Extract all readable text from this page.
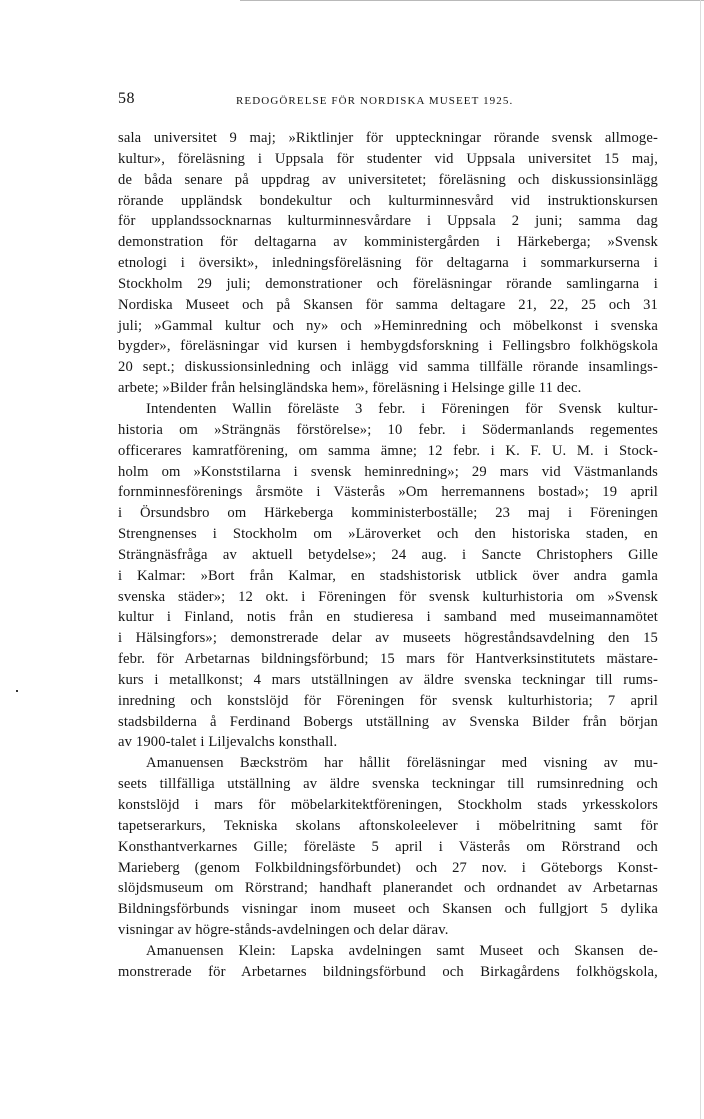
58	REDOGÖRELSE FÖR NORDISKA MUSEET 1925.
sala universitet 9 maj; »Riktlinjer för uppteckningar rörande svensk allmoge-
kultur», föreläsning i Uppsala för studenter vid Uppsala universitet 15 maj,
de båda senare på uppdrag av universitetet; föreläsning och diskussionsinlägg
rörande uppländsk bondekultur och kulturminnesvård vid instruktionskursen
för upplandssocknarnas kulturminnesvårdare i Uppsala 2 juni; samma dag
demonstration för deltagarna av komministergården i Härkeberga; »Svensk
etnologi i översikt», inledningsföreläsning för deltagarna i sommarkurserna i
Stockholm 29 juli; demonstrationer och föreläsningar rörande samlingarna i
Nordiska Museet och på Skansen för samma deltagare 21, 22, 25 och 31
juli; »Gammal kultur och ny» och »Heminredning och möbelkonst i svenska
bygder», föreläsningar vid kursen i hembygdsforskning i Fellingsbro folkhögskola
20 sept.; diskussionsinledning och inlägg vid samma tillfälle rörande insamlings-
arbete; »Bilder från helsingländska hem», föreläsning i Helsinge gille 11 dec.
Intendenten Wallin föreläste 3 febr. i Föreningen för Svensk kultur-
historia om »Strängnäs förstörelse»; 10 febr. i Södermanlands regementes
officerares kamratförening, om samma ämne; 12 febr. i K. F. U. M. i Stock-
holm om »Konststilarna i svensk heminredning»; 29 mars vid Västmanlands
fornminnesförenings årsmöte i Västerås »Om herremannens bostad»; 19 april
i Örsundsbro om Härkeberga komministerboställe; 23 maj i Föreningen
Strengnenses i Stockholm om »Läroverket och den historiska staden, en
Strängnäsfråga av aktuell betydelse»; 24 aug. i Sancte Christophers Gille
i Kalmar: »Bort från Kalmar, en stadshistorisk utblick över andra gamla
svenska städer»; 12 okt. i Föreningen för svensk kulturhistoria om »Svensk
kultur i Finland, notis från en studieresa i samband med museimannamötet
i Hälsingfors»; demonstrerade delar av museets högreståndsavdelning den 15
febr. för Arbetarnas bildningsförbund; 15 mars för Hantverksinstitutets mästare-
kurs i metallkonst; 4 mars utställningen av äldre svenska teckningar till rums-
inredning och konstslöjd för Föreningen för svensk kulturhistoria; 7 april
stadsbilderna å Ferdinand Bobergs utställning av Svenska Bilder från början
av 1900-talet i Liljevalchs konsthall.
Amanuensen Bæckström har hållit föreläsningar med visning av mu-
seets tillfälliga utställning av äldre svenska teckningar till rumsinredning och
konstslöjd i mars för möbelarkitektföreningen, Stockholm stads yrkesskolors
tapetserarkurs, Tekniska skolans aftonskoleelever i möbelritning samt för
Konsthantverkarnes Gille; föreläste 5 april i Västerås om Rörstrand och
Marieberg (genom Folkbildningsförbundet) och 27 nov. i Göteborgs Konst-
slöjdsmuseum om Rörstrand; handhaft planerandet och ordnandet av Arbetarnas
Bildningsförbunds visningar inom museet och Skansen och fullgjort 5 dylika
visningar av högre-stånds-avdelningen och delar därav.
Amanuensen Klein: Lapska avdelningen samt Museet och Skansen de-
monstrerade för Arbetarnes bildningsförbund och Birkagårdens folkhögskola,
